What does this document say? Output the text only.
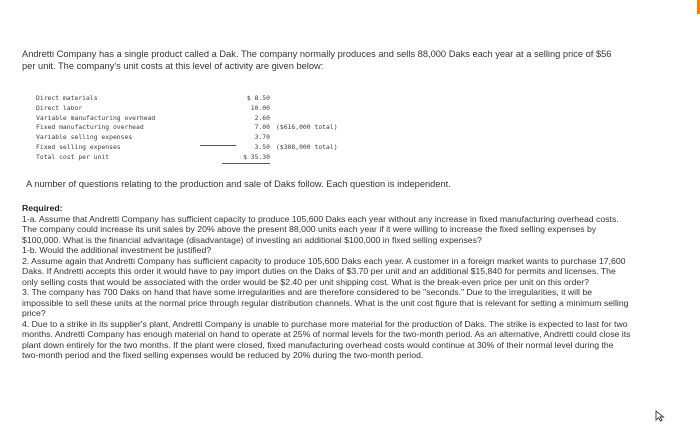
Andretti Company has a single product called a Dak. The company normally produces and sells 88,000 Daks each year at a selling price of $56 per unit. The company's unit costs at this level of activity are given below:

Direct materials	$ 8.50
Direct labor	10.00
Variable manufacturing overhead	2.60
Fixed manufacturing overhead	7.00 ($616,000 total)
Variable selling expenses	3.70
Fixed selling expenses	3.50 ($308,000 total)
Total cost per unit	$ 35.30

A number of questions relating to the production and sale of Daks follow. Each question is independent.

Required:

1-a. Assume that Andretti Company has sufficient capacity to produce 105,600 Daks each year without any increase in fixed manufacturing overhead costs. The company could increase its unit sales by 20% above the present 88,000 units each year if it were willing to increase the fixed selling expenses by $100,000. What is the financial advantage (disadvantage) of investing an additional $100,000 in fixed selling expenses?

1-b. Would the additional investment be justified?

2. Assume again that Andretti Company has sufficient capacity to produce 105,600 Daks each year. A customer in a foreign market wants to purchase 17,600 Daks. If Andretti accepts this order it would have to pay import duties on the Daks of $3.70 per unit and an additional $15,840 for permits and licenses. The only selling costs that would be associated with the order would be $2.40 per unit shipping cost. What is the break-even price per unit on this order?

3. The company has 700 Daks on hand that have some irregularities and are therefore considered to be "seconds." Due to the irregularities, it will be impossible to sell these units at the normal price through regular distribution channels. What is the unit cost figure that is relevant for setting a minimum selling price?

4. Due to a strike in its supplier's plant, Andretti Company is unable to purchase more material for the production of Daks. The strike is expected to last for two months. Andretti Company has enough material on hand to operate at 25% of normal levels for the two-month period. As an alternative, Andretti could close its plant down entirely for the two months. If the plant were closed, fixed manufacturing overhead costs would continue at 30% of their normal level during the two-month period and the fixed selling expenses would be reduced by 20% during the two-month period.
